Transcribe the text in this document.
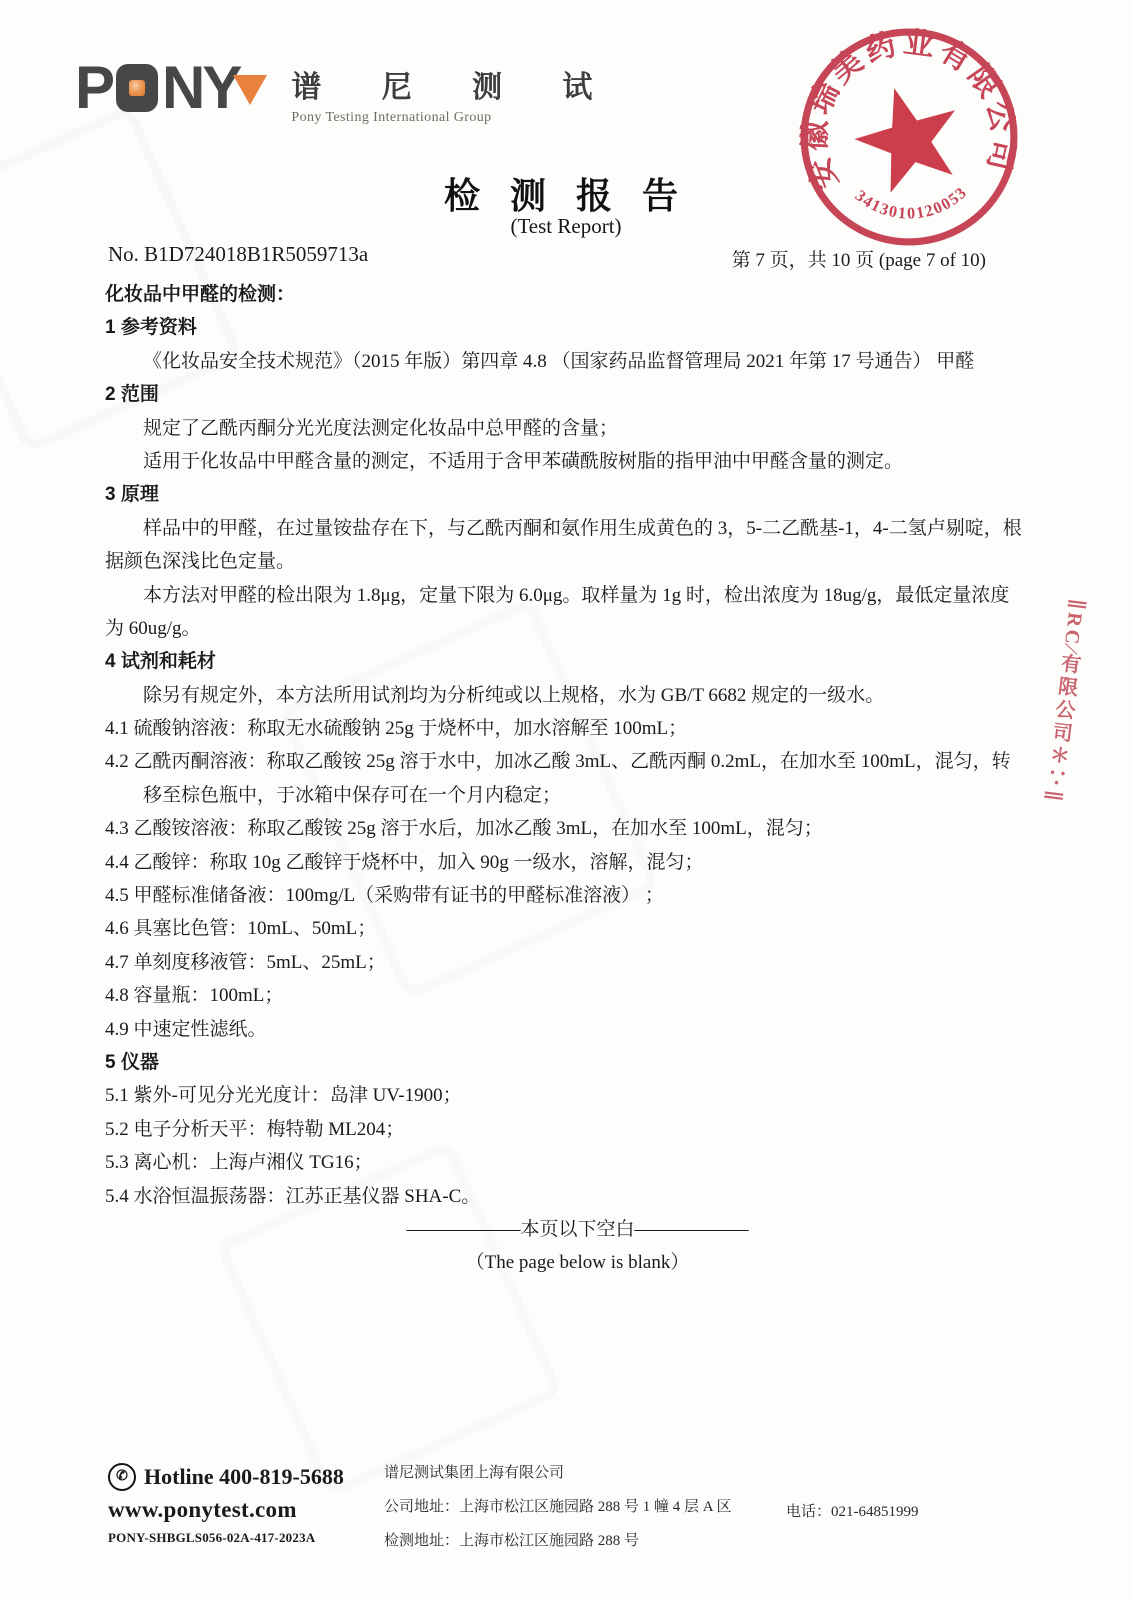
P N Y 谱 尼 测 试
Pony Testing International Group
安徽瑞美药业有限公司
3413010120053
∥RC∕有限公司＊∵∥
检 测 报 告
(Test Report)
No. B1D724018B1R5059713a	第 7 页，共 10 页 (page 7 of 10)
化妆品中甲醛的检测：
1 参考资料
《化妆品安全技术规范》（2015 年版）第四章 4.8 （国家药品监督管理局 2021 年第 17 号通告） 甲醛
2 范围
规定了乙酰丙酮分光光度法测定化妆品中总甲醛的含量；
适用于化妆品中甲醛含量的测定，不适用于含甲苯磺酰胺树脂的指甲油中甲醛含量的测定。
3 原理
样品中的甲醛，在过量铵盐存在下，与乙酰丙酮和氨作用生成黄色的 3，5-二乙酰基-1，4-二氢卢剔啶，根
据颜色深浅比色定量。
本方法对甲醛的检出限为 1.8μg，定量下限为 6.0μg。取样量为 1g 时，检出浓度为 18ug/g，最低定量浓度
为 60ug/g。
4 试剂和耗材
除另有规定外，本方法所用试剂均为分析纯或以上规格，水为 GB/T 6682 规定的一级水。
4.1 硫酸钠溶液：称取无水硫酸钠 25g 于烧杯中，加水溶解至 100mL；
4.2 乙酰丙酮溶液：称取乙酸铵 25g 溶于水中，加冰乙酸 3mL、乙酰丙酮 0.2mL，在加水至 100mL，混匀，转
移至棕色瓶中，于冰箱中保存可在一个月内稳定；
4.3 乙酸铵溶液：称取乙酸铵 25g 溶于水后，加冰乙酸 3mL，在加水至 100mL，混匀；
4.4 乙酸锌：称取 10g 乙酸锌于烧杯中，加入 90g 一级水，溶解，混匀；
4.5 甲醛标准储备液：100mg/L（采购带有证书的甲醛标准溶液） ；
4.6 具塞比色管：10mL、50mL；
4.7 单刻度移液管：5mL、25mL；
4.8 容量瓶：100mL；
4.9 中速定性滤纸。
5 仪器
5.1 紫外-可见分光光度计：岛津 UV-1900；
5.2 电子分析天平：梅特勒 ML204；
5.3 离心机：上海卢湘仪 TG16；
5.4 水浴恒温振荡器：江苏正基仪器 SHA-C。
——————本页以下空白——————
（The page below is blank）
✆ Hotline 400-819-5688
www.ponytest.com
PONY-SHBGLS056-02A-417-2023A
谱尼测试集团上海有限公司
公司地址：上海市松江区施园路 288 号 1 幢 4 层 A 区
检测地址：上海市松江区施园路 288 号
电话：021-64851999
